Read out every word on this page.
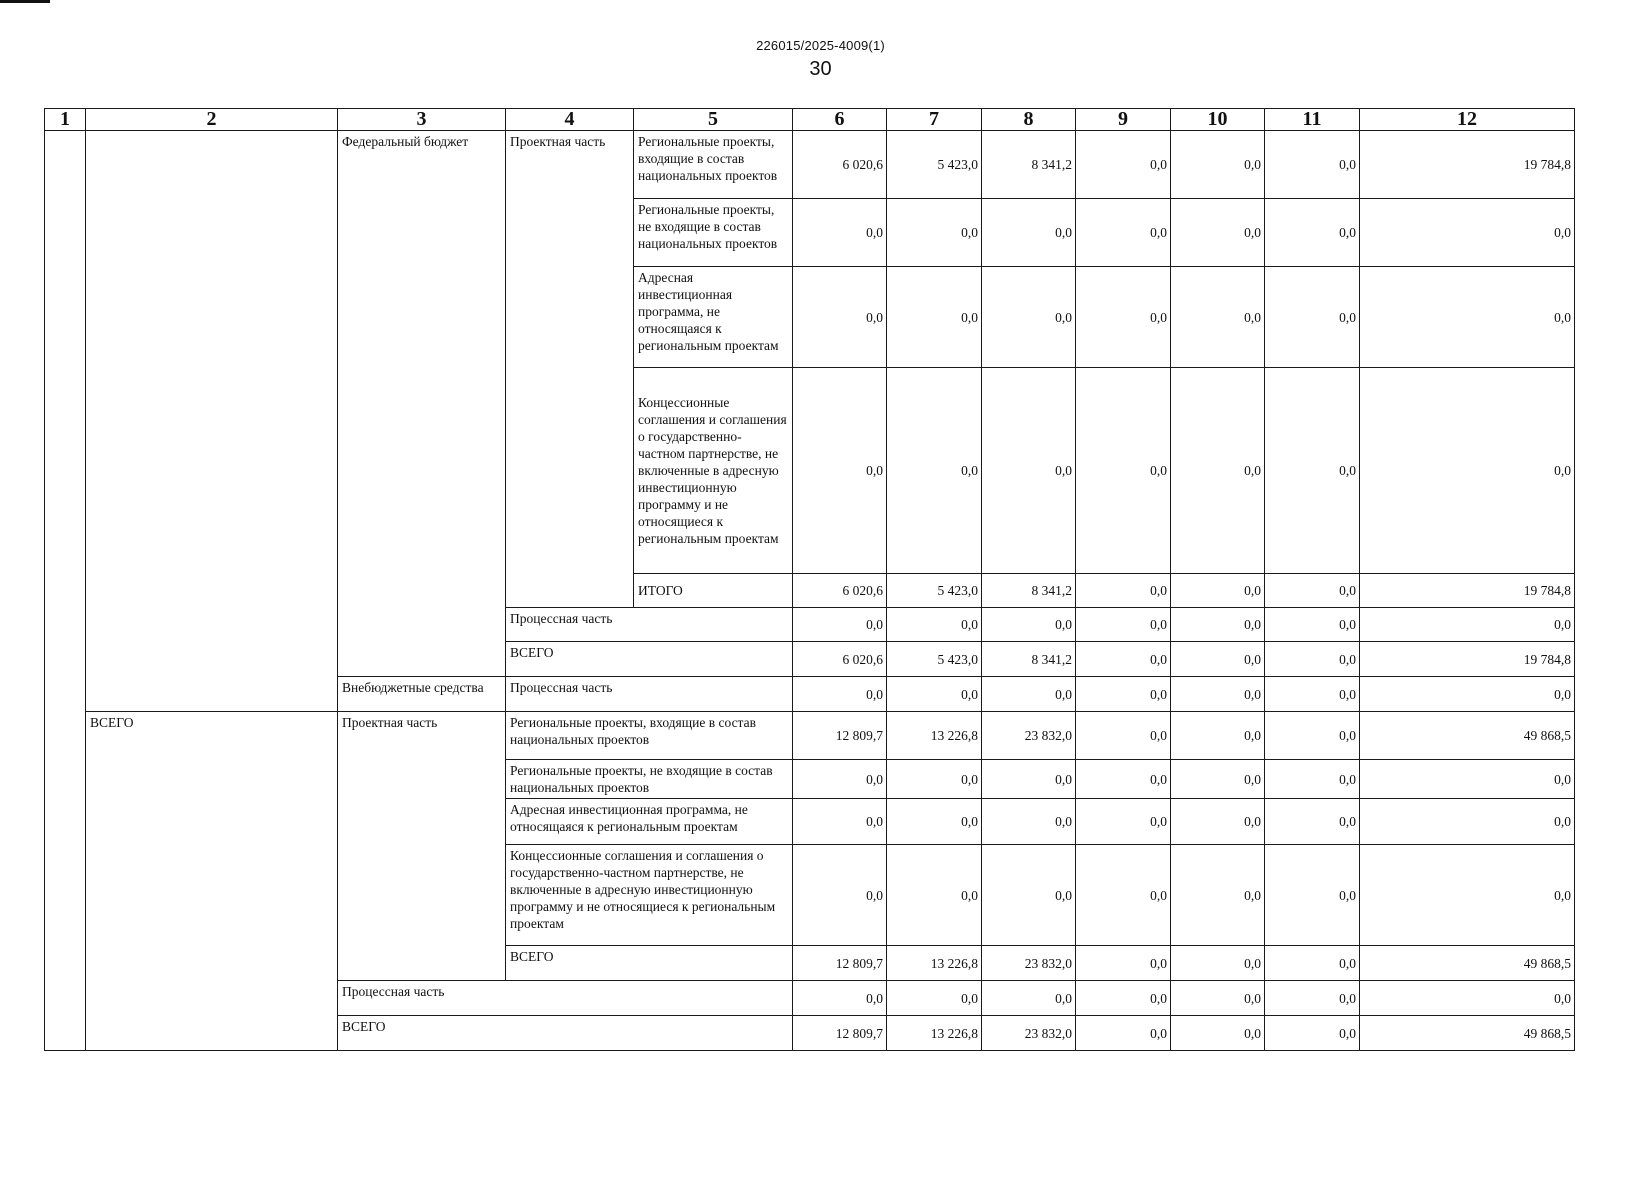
226015/2025-4009(1)
30
1	2	3	4	5	6	7	8	9	10	11	12
		Федеральный бюджет	Проектная часть	Региональные проекты, входящие в состав национальных проектов	6 020,6	5 423,0	8 341,2	0,0	0,0	0,0	19 784,8
				Региональные проекты, не входящие в состав национальных проектов	0,0	0,0	0,0	0,0	0,0	0,0	0,0
				Адресная инвестиционная программа, не относящаяся к региональным проектам	0,0	0,0	0,0	0,0	0,0	0,0	0,0
				Концессионные соглашения и соглашения о государственно-частном партнерстве, не включенные в адресную инвестиционную программу и не относящиеся к региональным проектам	0,0	0,0	0,0	0,0	0,0	0,0	0,0
				ИТОГО	6 020,6	5 423,0	8 341,2	0,0	0,0	0,0	19 784,8
			Процессная часть		0,0	0,0	0,0	0,0	0,0	0,0	0,0
			ВСЕГО		6 020,6	5 423,0	8 341,2	0,0	0,0	0,0	19 784,8
		Внебюджетные средства	Процессная часть		0,0	0,0	0,0	0,0	0,0	0,0	0,0
	ВСЕГО	Проектная часть	Региональные проекты, входящие в состав национальных проектов		12 809,7	13 226,8	23 832,0	0,0	0,0	0,0	49 868,5
			Региональные проекты, не входящие в состав национальных проектов		0,0	0,0	0,0	0,0	0,0	0,0	0,0
			Адресная инвестиционная программа, не относящаяся к региональным проектам		0,0	0,0	0,0	0,0	0,0	0,0	0,0
			Концессионные соглашения и соглашения о государственно-частном партнерстве, не включенные в адресную инвестиционную программу и не относящиеся к региональным проектам		0,0	0,0	0,0	0,0	0,0	0,0	0,0
			ВСЕГО		12 809,7	13 226,8	23 832,0	0,0	0,0	0,0	49 868,5
		Процессная часть			0,0	0,0	0,0	0,0	0,0	0,0	0,0
		ВСЕГО			12 809,7	13 226,8	23 832,0	0,0	0,0	0,0	49 868,5
